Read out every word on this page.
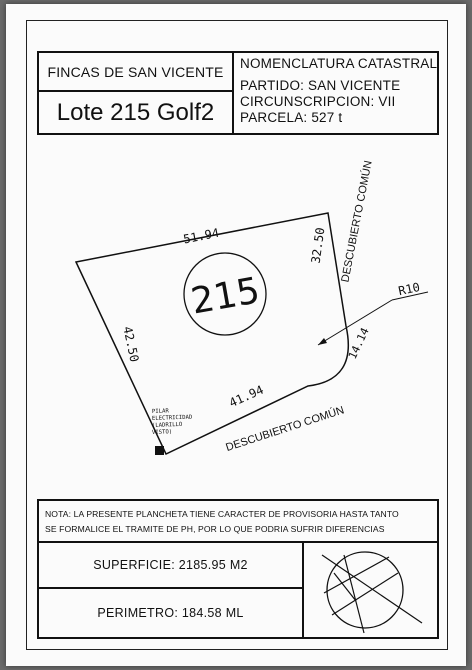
FINCAS DE SAN VICENTE
Lote 215 Golf2
NOMENCLATURA CATASTRAL
PARTIDO: SAN VICENTE
CIRCUNSCRIPCION: VII
PARCELA: 527 t
NOTA: LA PRESENTE PLANCHETA TIENE CARACTER DE PROVISORIA HASTA TANTO
SE FORMALICE EL TRAMITE DE PH, POR LO QUE PODRIA SUFRIR DIFERENCIAS
SUPERFICIE: 2185.95 M2
PERIMETRO: 184.58 ML
215
51.94	32.50
42.50
41.94
14.14
R10
DESCUBIERTO COMÚN
DESCUBIERTO COMÚN
PILAR
ELECTRICIDAD
(LADRILLO
VISTO)
